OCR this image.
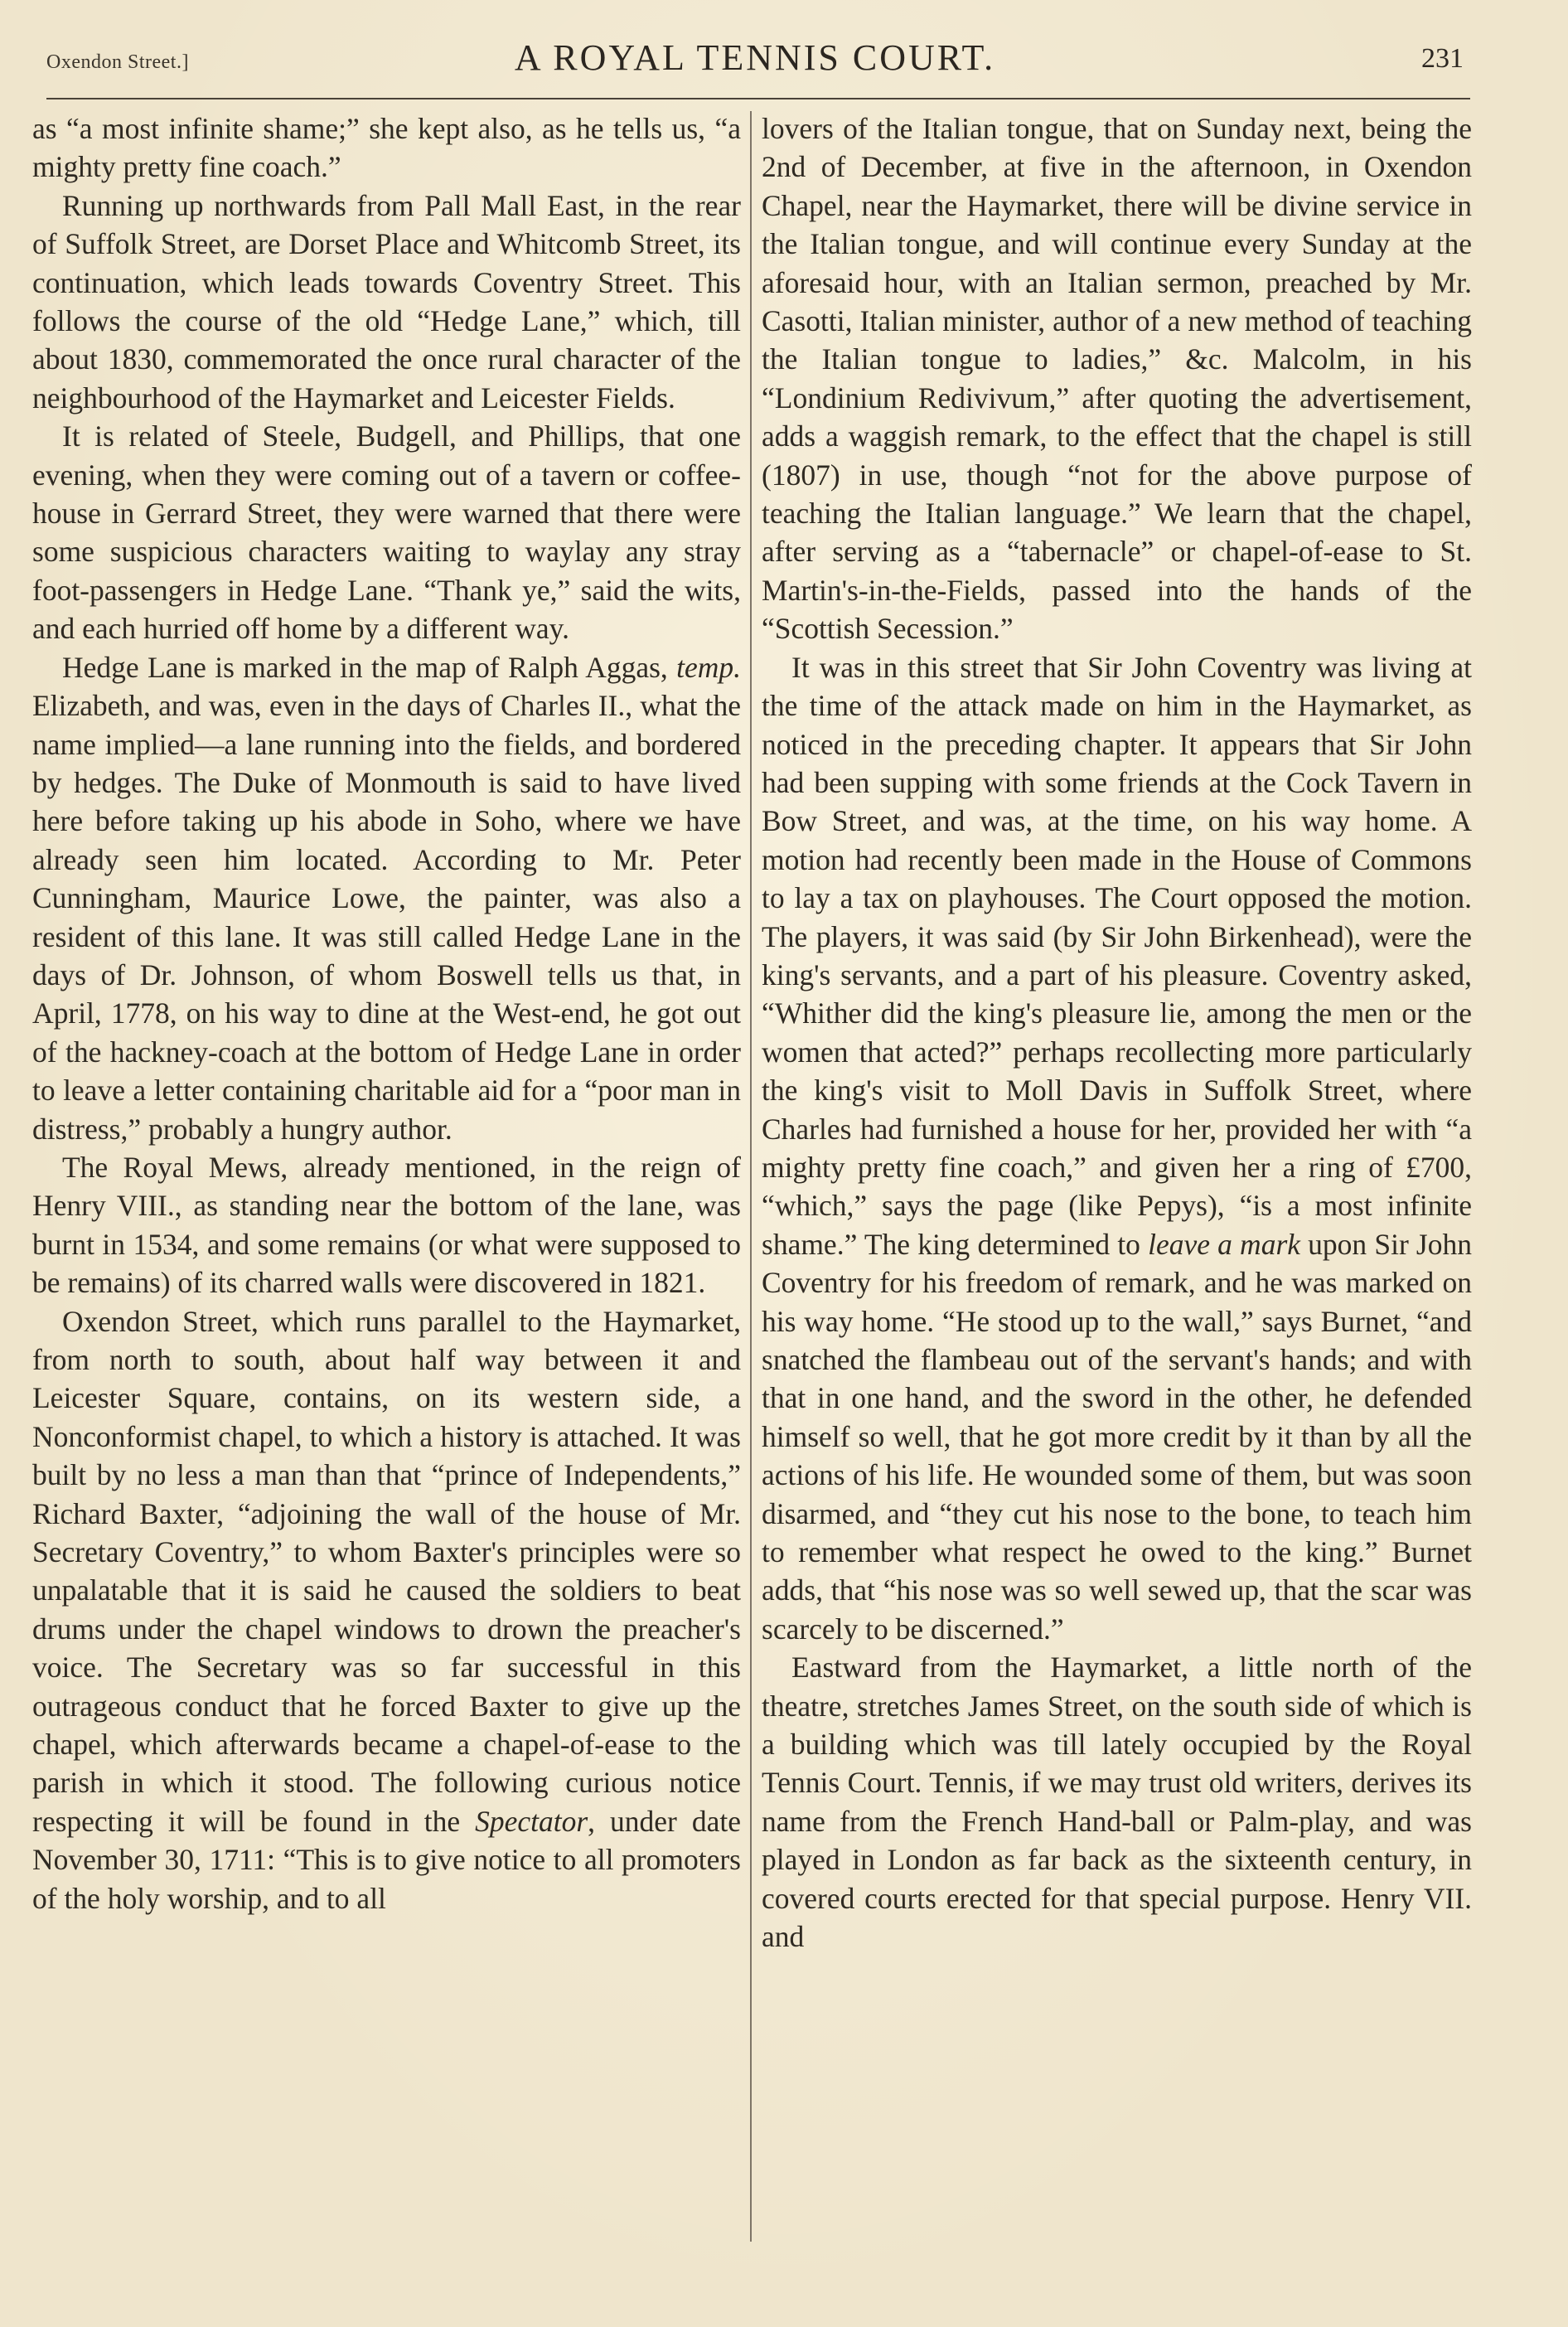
Oxendon Street.]	A ROYAL TENNIS COURT.	231

as “a most infinite shame;” she kept also, as he tells us, “a mighty pretty fine coach.”

Running up northwards from Pall Mall East, in the rear of Suffolk Street, are Dorset Place and Whitcomb Street, its continuation, which leads towards Coventry Street. This follows the course of the old “Hedge Lane,” which, till about 1830, commemorated the once rural character of the neighbourhood of the Haymarket and Leicester Fields.

It is related of Steele, Budgell, and Phillips, that one evening, when they were coming out of a tavern or coffee-house in Gerrard Street, they were warned that there were some suspicious characters waiting to waylay any stray foot-passengers in Hedge Lane. “Thank ye,” said the wits, and each hurried off home by a different way.

Hedge Lane is marked in the map of Ralph Aggas, temp. Elizabeth, and was, even in the days of Charles II., what the name implied—a lane running into the fields, and bordered by hedges. The Duke of Monmouth is said to have lived here before taking up his abode in Soho, where we have already seen him located. According to Mr. Peter Cunningham, Maurice Lowe, the painter, was also a resident of this lane. It was still called Hedge Lane in the days of Dr. Johnson, of whom Boswell tells us that, in April, 1778, on his way to dine at the West-end, he got out of the hackney-coach at the bottom of Hedge Lane in order to leave a letter containing charitable aid for a “poor man in distress,” probably a hungry author.

The Royal Mews, already mentioned, in the reign of Henry VIII., as standing near the bottom of the lane, was burnt in 1534, and some remains (or what were supposed to be remains) of its charred walls were discovered in 1821.

Oxendon Street, which runs parallel to the Haymarket, from north to south, about half way between it and Leicester Square, contains, on its western side, a Nonconformist chapel, to which a history is attached. It was built by no less a man than that “prince of Independents,” Richard Baxter, “adjoining the wall of the house of Mr. Secretary Coventry,” to whom Baxter's principles were so unpalatable that it is said he caused the soldiers to beat drums under the chapel windows to drown the preacher's voice. The Secretary was so far successful in this outrageous conduct that he forced Baxter to give up the chapel, which afterwards became a chapel-of-ease to the parish in which it stood. The following curious notice respecting it will be found in the Spectator, under date November 30, 1711: “This is to give notice to all promoters of the holy worship, and to all

lovers of the Italian tongue, that on Sunday next, being the 2nd of December, at five in the afternoon, in Oxendon Chapel, near the Haymarket, there will be divine service in the Italian tongue, and will continue every Sunday at the aforesaid hour, with an Italian sermon, preached by Mr. Casotti, Italian minister, author of a new method of teaching the Italian tongue to ladies,” &c. Malcolm, in his “Londinium Redivivum,” after quoting the advertisement, adds a waggish remark, to the effect that the chapel is still (1807) in use, though “not for the above purpose of teaching the Italian language.” We learn that the chapel, after serving as a “tabernacle” or chapel-of-ease to St. Martin's-in-the-Fields, passed into the hands of the “Scottish Secession.”

It was in this street that Sir John Coventry was living at the time of the attack made on him in the Haymarket, as noticed in the preceding chapter. It appears that Sir John had been supping with some friends at the Cock Tavern in Bow Street, and was, at the time, on his way home. A motion had recently been made in the House of Commons to lay a tax on playhouses. The Court opposed the motion. The players, it was said (by Sir John Birkenhead), were the king's servants, and a part of his pleasure. Coventry asked, “Whither did the king's pleasure lie, among the men or the women that acted?” perhaps recollecting more particularly the king's visit to Moll Davis in Suffolk Street, where Charles had furnished a house for her, provided her with “a mighty pretty fine coach,” and given her a ring of £700, “which,” says the page (like Pepys), “is a most infinite shame.” The king determined to leave a mark upon Sir John Coventry for his freedom of remark, and he was marked on his way home. “He stood up to the wall,” says Burnet, “and snatched the flambeau out of the servant's hands; and with that in one hand, and the sword in the other, he defended himself so well, that he got more credit by it than by all the actions of his life. He wounded some of them, but was soon disarmed, and “they cut his nose to the bone, to teach him to remember what respect he owed to the king.” Burnet adds, that “his nose was so well sewed up, that the scar was scarcely to be discerned.”

Eastward from the Haymarket, a little north of the theatre, stretches James Street, on the south side of which is a building which was till lately occupied by the Royal Tennis Court. Tennis, if we may trust old writers, derives its name from the French Hand-ball or Palm-play, and was played in London as far back as the sixteenth century, in covered courts erected for that special purpose. Henry VII. and
